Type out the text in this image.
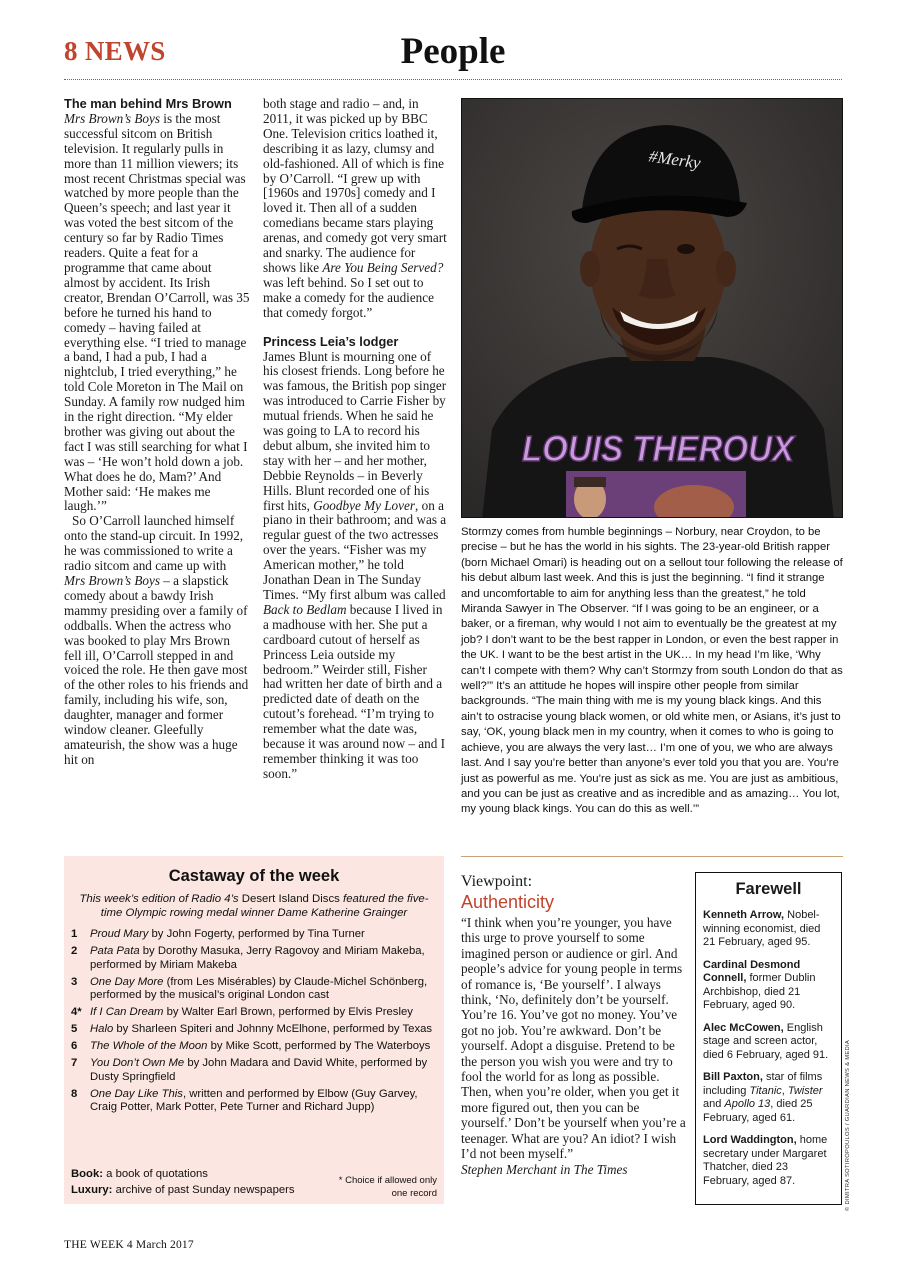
8 NEWS	People

The man behind Mrs Brown

Mrs Brown’s Boys is the most successful sitcom on British television. It regularly pulls in more than 11 million viewers; its most recent Christmas special was watched by more people than the Queen’s speech; and last year it was voted the best sitcom of the century so far by Radio Times readers. Quite a feat for a programme that came about almost by accident. Its Irish creator, Brendan O’Carroll, was 35 before he turned his hand to comedy – having failed at everything else. “I tried to manage a band, I had a pub, I had a nightclub, I tried everything,” he told Cole Moreton in The Mail on Sunday. A family row nudged him in the right direction. “My elder brother was giving out about the fact I was still searching for what I was – ‘He won’t hold down a job. What does he do, Mam?’ And Mother said: ‘He makes me laugh.’”

So O’Carroll launched himself onto the stand-up circuit. In 1992, he was commissioned to write a radio sitcom and came up with Mrs Brown’s Boys – a slapstick comedy about a bawdy Irish mammy presiding over a family of oddballs. When the actress who was booked to play Mrs Brown fell ill, O’Carroll stepped in and voiced the role. He then gave most of the other roles to his friends and family, including his wife, son, daughter, manager and former window cleaner. Gleefully amateurish, the show was a huge hit on

both stage and radio – and, in 2011, it was picked up by BBC One. Television critics loathed it, describing it as lazy, clumsy and old-fashioned. All of which is fine by O’Carroll. “I grew up with [1960s and 1970s] comedy and I loved it. Then all of a sudden comedians became stars playing arenas, and comedy got very smart and snarky. The audience for shows like Are You Being Served? was left behind. So I set out to make a comedy for the audience that comedy forgot.”

Princess Leia’s lodger

James Blunt is mourning one of his closest friends. Long before he was famous, the British pop singer was introduced to Carrie Fisher by mutual friends. When he said he was going to LA to record his debut album, she invited him to stay with her – and her mother, Debbie Reynolds – in Beverly Hills. Blunt recorded one of his first hits, Goodbye My Lover, on a piano in their bathroom; and was a regular guest of the two actresses over the years. “Fisher was my American mother,” he told Jonathan Dean in The Sunday Times. “My first album was called Back to Bedlam because I lived in a madhouse with her. She put a cardboard cutout of herself as Princess Leia outside my bedroom.” Weirder still, Fisher had written her date of birth and a predicted date of death on the cutout’s forehead. “I’m trying to remember what the date was, because it was around now – and I remember thinking it was too soon.”

#Merky
LOUIS THEROUX
Stormzy comes from humble beginnings – Norbury, near Croydon, to be precise – but he has the world in his sights. The 23-year-old British rapper (born Michael Omari) is heading out on a sellout tour following the release of his debut album last week. And this is just the beginning. “I find it strange and uncomfortable to aim for anything less than the greatest,” he told Miranda Sawyer in The Observer. “If I was going to be an engineer, or a baker, or a fireman, why would I not aim to eventually be the greatest at my job? I don’t want to be the best rapper in London, or even the best rapper in the UK. I want to be the best artist in the UK… In my head I’m like, ‘Why can’t I compete with them? Why can’t Stormzy from south London do that as well?’” It’s an attitude he hopes will inspire other people from similar backgrounds. “The main thing with me is my young black kings. And this ain’t to ostracise young black women, or old white men, or Asians, it’s just to say, ‘OK, young black men in my country, when it comes to who is going to achieve, you are always the very last… I’m one of you, we who are always last. And I say you’re better than anyone’s ever told you that you are. You’re just as powerful as me. You’re just as sick as me. You are just as ambitious, and you can be just as creative and as incredible and as amazing… You lot, my young black kings. You can do this as well.’”
Castaway of the week
This week’s edition of Radio 4’s Desert Island Discs featured the five-time Olympic rowing medal winner Dame Katherine Grainger
1 Proud Mary by John Fogerty, performed by Tina Turner
2 Pata Pata by Dorothy Masuka, Jerry Ragovoy and Miriam Makeba, performed by Miriam Makeba
3 One Day More (from Les Misérables) by Claude-Michel Schönberg, performed by the musical’s original London cast
4* If I Can Dream by Walter Earl Brown, performed by Elvis Presley
5 Halo by Sharleen Spiteri and Johnny McElhone, performed by Texas
6 The Whole of the Moon by Mike Scott, performed by The Waterboys
7 You Don’t Own Me by John Madara and David White, performed by Dusty Springfield
8 One Day Like This, written and performed by Elbow (Guy Garvey, Craig Potter, Mark Potter, Pete Turner and Richard Jupp)
Book: a book of quotations
Luxury: archive of past Sunday newspapers
* Choice if allowed only one record
Viewpoint:
Authenticity
“I think when you’re younger, you have this urge to prove yourself to some imagined person or audience or girl. And people’s advice for young people in terms of romance is, ‘Be yourself’. I always think, ‘No, definitely don’t be yourself. You’re 16. You’ve got no money. You’ve got no job. You’re awkward. Don’t be yourself. Adopt a disguise. Pretend to be the person you wish you were and try to fool the world for as long as possible. Then, when you’re older, when you get it more figured out, then you can be yourself.’ Don’t be yourself when you’re a teenager. What are you? An idiot? I wish I’d not been myself.”
Stephen Merchant in The Times
Farewell
Kenneth Arrow, Nobel-winning economist, died 21 February, aged 95.
Cardinal Desmond Connell, former Dublin Archbishop, died 21 February, aged 90.
Alec McCowen, English stage and screen actor, died 6 February, aged 91.
Bill Paxton, star of films including Titanic, Twister and Apollo 13, died 25 February, aged 61.
Lord Waddington, home secretary under Margaret Thatcher, died 23 February, aged 87.	© DIMITRA SOTIROPOULOS / GUARDIAN NEWS & MEDIA
THE WEEK 4 March 2017
